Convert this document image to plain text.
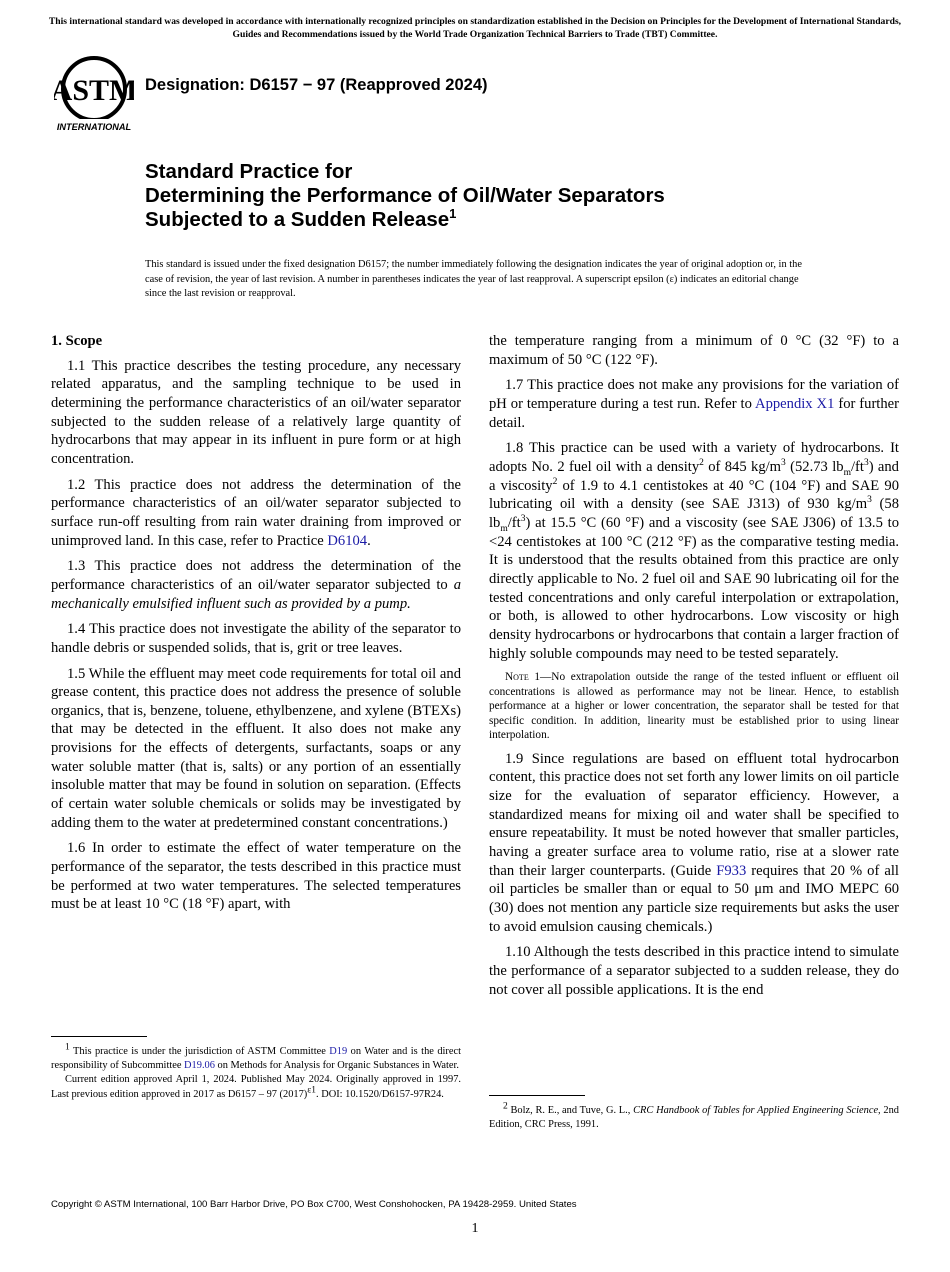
This international standard was developed in accordance with internationally recognized principles on standardization established in the Decision on Principles for the Development of International Standards, Guides and Recommendations issued by the World Trade Organization Technical Barriers to Trade (TBT) Committee.
ASTM
INTERNATIONAL
Designation: D6157 − 97 (Reapproved 2024)
Standard Practice for
Determining the Performance of Oil/Water Separators
Subjected to a Sudden Release$^1$
This standard is issued under the fixed designation D6157; the number immediately following the designation indicates the year of original adoption or, in the case of revision, the year of last revision. A number in parentheses indicates the year of last reapproval. A superscript epsilon (ε) indicates an editorial change since the last revision or reapproval.
1. Scope

1.1 This practice describes the testing procedure, any necessary related apparatus, and the sampling technique to be used in determining the performance characteristics of an oil/water separator subjected to the sudden release of a relatively large quantity of hydrocarbons that may appear in its influent in pure form or at high concentration.

1.2 This practice does not address the determination of the performance characteristics of an oil/water separator subjected to surface run-off resulting from rain water draining from improved or unimproved land. In this case, refer to Practice D6104.

1.3 This practice does not address the determination of the performance characteristics of an oil/water separator subjected to a mechanically emulsified influent such as provided by a pump.

1.4 This practice does not investigate the ability of the separator to handle debris or suspended solids, that is, grit or tree leaves.

1.5 While the effluent may meet code requirements for total oil and grease content, this practice does not address the presence of soluble organics, that is, benzene, toluene, ethylbenzene, and xylene (BTEXs) that may be detected in the effluent. It also does not make any provisions for the effects of detergents, surfactants, soaps or any water soluble matter (that is, salts) or any portion of an essentially insoluble matter that may be found in solution on separation. (Effects of certain water soluble chemicals or solids may be investigated by adding them to the water at predetermined constant concentrations.)

1.6 In order to estimate the effect of water temperature on the performance of the separator, the tests described in this practice must be performed at two water temperatures. The selected temperatures must be at least 10 °C (18 °F) apart, with

$^1$ This practice is under the jurisdiction of ASTM Committee D19 on Water and is the direct responsibility of Subcommittee D19.06 on Methods for Analysis for Organic Substances in Water.

Current edition approved April 1, 2024. Published May 2024. Originally approved in 1997. Last previous edition approved in 2017 as D6157 – 97 $(2017)^{\varepsilon 1}$. DOI: 10.1520/D6157-97R24.

the temperature ranging from a minimum of 0 °C (32 °F) to a maximum of 50 °C (122 °F).

1.7 This practice does not make any provisions for the variation of pH or temperature during a test run. Refer to Appendix X1 for further detail.

1.8 This practice can be used with a variety of hydrocarbons. It adopts No. 2 fuel oil with a density$^2$ of 845 $kg/m^3$ (52.73 $lb_m/ft^3$) and a viscosity$^2$ of 1.9 to 4.1 centistokes at 40 °C (104 °F) and SAE 90 lubricating oil with a density (see SAE J313) of 930 $kg/m^3$ (58 $lb_m/ft^3$) at 15.5 °C (60 °F) and a viscosity (see SAE J306) of 13.5 to <24 centistokes at 100 °C (212 °F) as the comparative testing media. It is understood that the results obtained from this practice are only directly applicable to No. 2 fuel oil and SAE 90 lubricating oil for the tested concentrations and only careful interpolation or extrapolation, or both, is allowed to other hydrocarbons. Low viscosity or high density hydrocarbons or hydrocarbons that contain a larger fraction of highly soluble compounds may need to be tested separately.

Note 1—No extrapolation outside the range of the tested influent or effluent oil concentrations is allowed as performance may not be linear. Hence, to establish performance at a higher or lower concentration, the separator shall be tested for that specific condition. In addition, linearity must be established prior to using linear interpolation.

1.9 Since regulations are based on effluent total hydrocarbon content, this practice does not set forth any lower limits on oil particle size for the evaluation of separator efficiency. However, a standardized means for mixing oil and water shall be specified to ensure repeatability. It must be noted however that smaller particles, having a greater surface area to volume ratio, rise at a slower rate than their larger counterparts. (Guide F933 requires that 20 % of all oil particles be smaller than or equal to 50 μm and IMO MEPC 60 (30) does not mention any particle size requirements but asks the user to avoid emulsion causing chemicals.)

1.10 Although the tests described in this practice intend to simulate the performance of a separator subjected to a sudden release, they do not cover all possible applications. It is the end

$^2$ Bolz, R. E., and Tuve, G. L., CRC Handbook of Tables for Applied Engineering Science, 2nd Edition, CRC Press, 1991.

Copyright © ASTM International, 100 Barr Harbor Drive, PO Box C700, West Conshohocken, PA 19428-2959. United States
1
